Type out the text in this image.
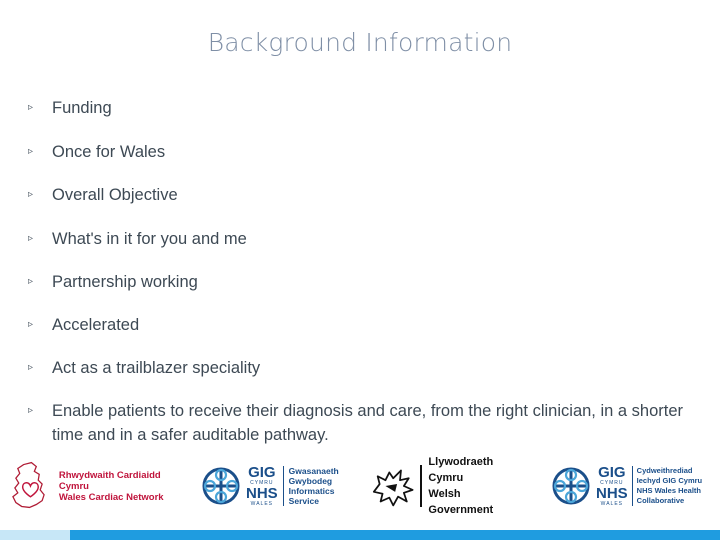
Background Information
▹	Funding
▹	Once for Wales
▹	Overall Objective
▹	What's in it for you and me
▹	Partnership working
▹	Accelerated
▹	Act as a trailblazer speciality
▹	Enable patients to receive their diagnosis and care, from the right clinician, in a shorter time and in a safer auditable pathway.
Rhwydwaith Cardiaidd Cymru
Wales Cardiac Network
GIG
CYMRU
NHS
WALES
Gwasanaeth
Gwybodeg
Informatics
Service
Llywodraeth Cymru
Welsh Government
GIG
CYMRU
NHS
WALES
Cydweithrediad
Iechyd GIG Cymru
NHS Wales Health
Collaborative
